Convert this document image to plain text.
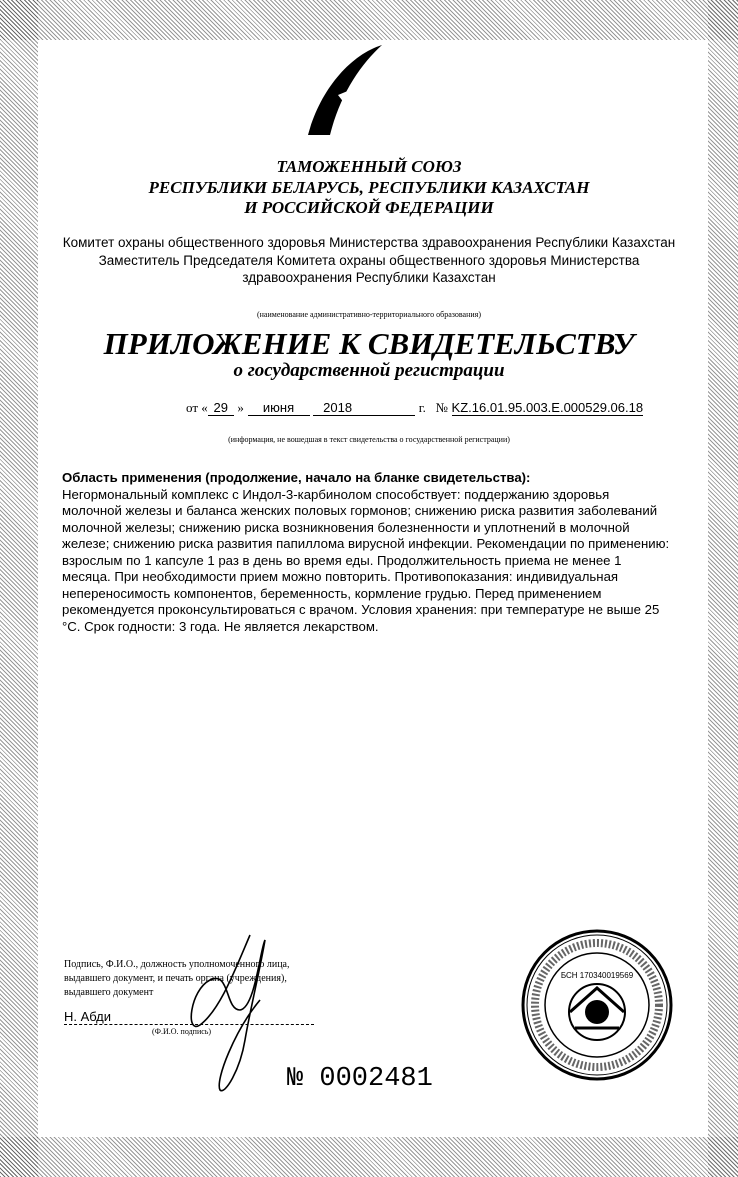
ТАМОЖЕННЫЙ СОЮЗ
РЕСПУБЛИКИ БЕЛАРУСЬ, РЕСПУБЛИКИ КАЗАХСТАН
И РОССИЙСКОЙ ФЕДЕРАЦИИ
Комитет охраны общественного здоровья Министерства здравоохранения Республики Казахстан
Заместитель Председателя Комитета охраны общественного здоровья Министерства
здравоохранения Республики Казахстан
(наименование административно-территориального образования)
ПРИЛОЖЕНИЕ К СВИДЕТЕЛЬСТВУ
о государственной регистрации
от « 29 » июня 2018	г. № KZ.16.01.95.003.E.000529.06.18
(информация, не вошедшая в текст свидетельства о государственной регистрации)
Область применения (продолжение, начало на бланке свидетельства):
Негормональный комплекс с Индол-3-карбинолом способствует: поддержанию здоровья
молочной железы и баланса женских половых гормонов; снижению риска развития заболеваний
молочной железы; снижению риска возникновения болезненности и уплотнений в молочной
железе; снижению риска развития папиллома вирусной инфекции. Рекомендации по применению:
взрослым по 1 капсуле 1 раз в день во время еды. Продолжительность приема не менее 1
месяца. При необходимости прием можно повторить. Противопоказания: индивидуальная
непереносимость компонентов, беременность, кормление грудью. Перед применением
рекомендуется проконсультироваться с врачом. Условия хранения: при температуре не выше 25
°С. Срок годности: 3 года. Не является лекарством.
Подпись, Ф.И.О., должность уполномоченного лица,
выдавшего документ, и печать органа (учреждения),
выдавшего документ
Н. Абди
(Ф.И.О. подпись)
№ 0002481
БСН 170340019569
